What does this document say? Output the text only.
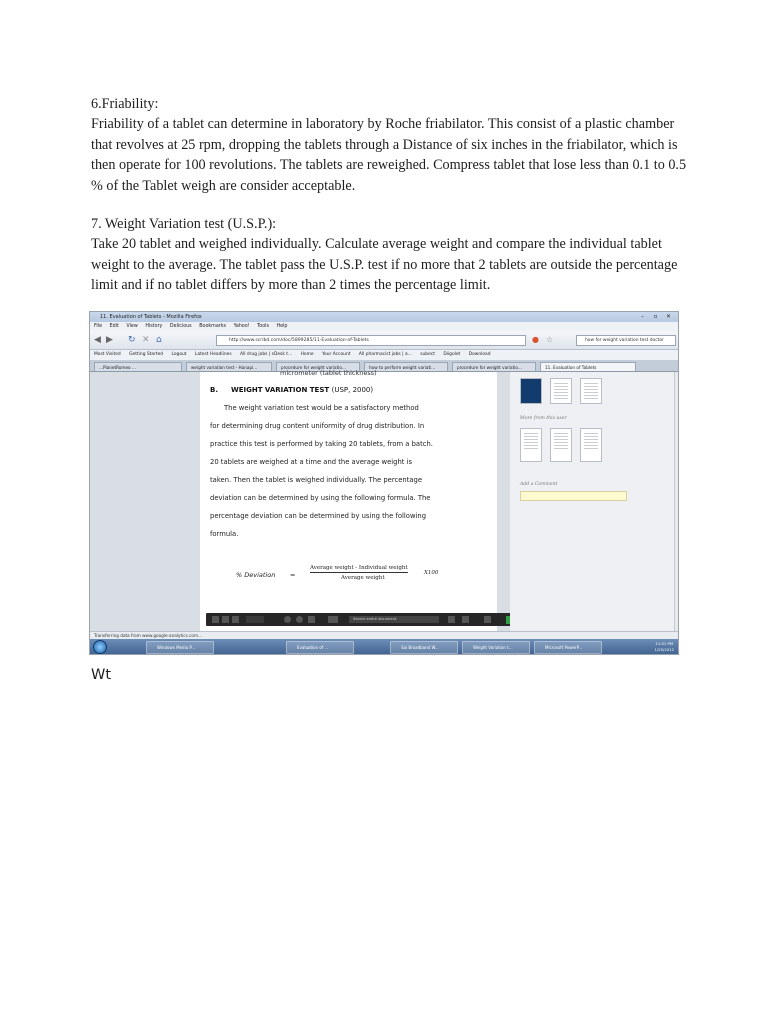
6.Friability:
Friability of a tablet can determine in laboratory by Roche friabilator. This consist of a plastic chamber that revolves at 25 rpm, dropping the tablets through a Distance of six inches in the friabilator, which is then operate for 100 revolutions. The tablets are reweighed. Compress tablet that lose less than 0.1 to 0.5 % of the Tablet weigh are consider acceptable.
7. Weight Variation test (U.S.P.):
Take 20 tablet and weighed individually. Calculate average weight and compare the individual tablet weight to the average. The tablet pass the U.S.P. test if no more that 2 tablets are outside the percentage limit and if no tablet differs by more than 2 times the percentage limit.
11. Evaluation of Tablets - Mozilla Firefox	– ▫ ✕
File Edit View History Delicious Bookmarks Yahoo! Tools Help
◀ ▶ ↻ ✕ ⌂	http://www.scribd.com/doc/5899285/11-Evaluation-of-Tablets	● ☆	how for weight variation test doctor
Most Visited Getting Started Logout Latest Headlines All drug jobs | sDesk t... Home Your Account All pharmacist jobs | a... subect Diigolet Download
...PlanetRomeo ...	weight variation test - Hanapi...	procedure for weight variatio...	how to perform weight variati...	procedure for weight variatio...	11. Evaluation of Tablets
micrometer (tablet thickness)
B. WEIGHT VARIATION TEST (USP, 2000)
The weight variation test would be a satisfactory method
for determining drug content uniformity of drug distribution. In
practice this test is performed by taking 20 tablets, from a batch.
20 tablets are weighed at a time and the average weight is
taken. Then the tablet is weighed individually. The percentage
deviation can be determined by using the following formula. The
percentage deviation can be determined by using the following
formula.
% Deviation =
Average weight - Individual weight
Average weight
X100
Search entire document
More from this user
Add a Comment
Transferring data from www.google-analytics.com...
Windows Media P...	Evaluation of ...	Sai Broadband W...	Weight Variation t...	Microsoft PowerP...
11:51 PM
1/25/2012
Wt
